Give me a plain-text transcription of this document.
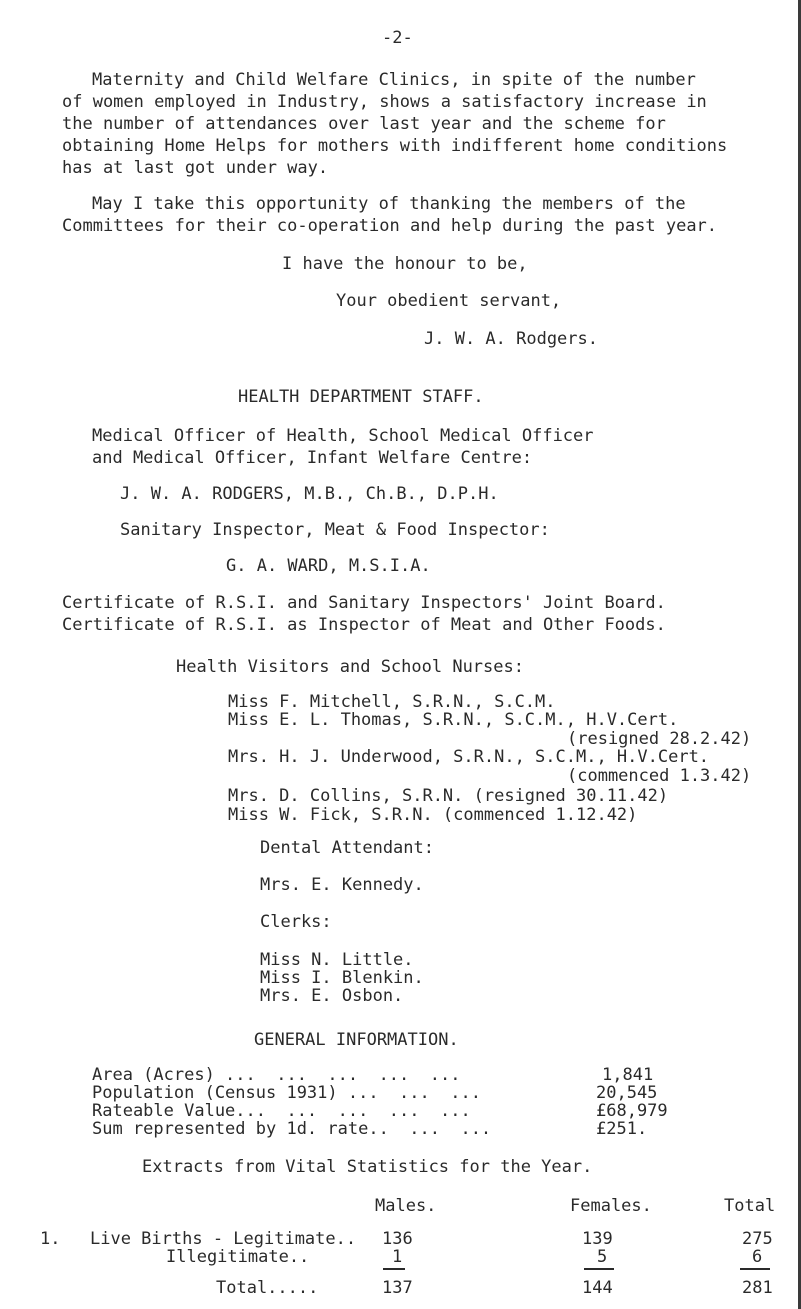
-2-
Maternity and Child Welfare Clinics, in spite of the number
of women employed in Industry, shows a satisfactory increase in
the number of attendances over last year and the scheme for
obtaining Home Helps for mothers with indifferent home conditions
has at last got under way.
May I take this opportunity of thanking the members of the
Committees for their co-operation and help during the past year.
I have the honour to be,
Your obedient servant,
J. W. A. Rodgers.
HEALTH DEPARTMENT STAFF.
Medical Officer of Health, School Medical Officer
and Medical Officer, Infant Welfare Centre:
J. W. A. RODGERS, M.B., Ch.B., D.P.H.
Sanitary Inspector, Meat & Food Inspector:
G. A. WARD, M.S.I.A.
Certificate of R.S.I. and Sanitary Inspectors' Joint Board.
Certificate of R.S.I. as Inspector of Meat and Other Foods.
Health Visitors and School Nurses:
Miss F. Mitchell, S.R.N., S.C.M.
Miss E. L. Thomas, S.R.N., S.C.M., H.V.Cert.
(resigned 28.2.42)
Mrs. H. J. Underwood, S.R.N., S.C.M., H.V.Cert.
(commenced 1.3.42)
Mrs. D. Collins, S.R.N. (resigned 30.11.42)
Miss W. Fick, S.R.N. (commenced 1.12.42)
Dental Attendant:
Mrs. E. Kennedy.
Clerks:
Miss N. Little.
Miss I. Blenkin.
Mrs. E. Osbon.
GENERAL INFORMATION.
Area (Acres) ...  ...  ...  ...  ...	1,841
Population (Census 1931) ...  ...  ...	20,545
Rateable Value...  ...  ...  ...  ...	£68,979
Sum represented by 1d. rate..  ...  ...	£251.
Extracts from Vital Statistics for the Year.
Males.	Females.	Total
1. Live Births - Legitimate.. 136	139	275
Illegitimate..	1	5	6
Total.....	137	144	281
